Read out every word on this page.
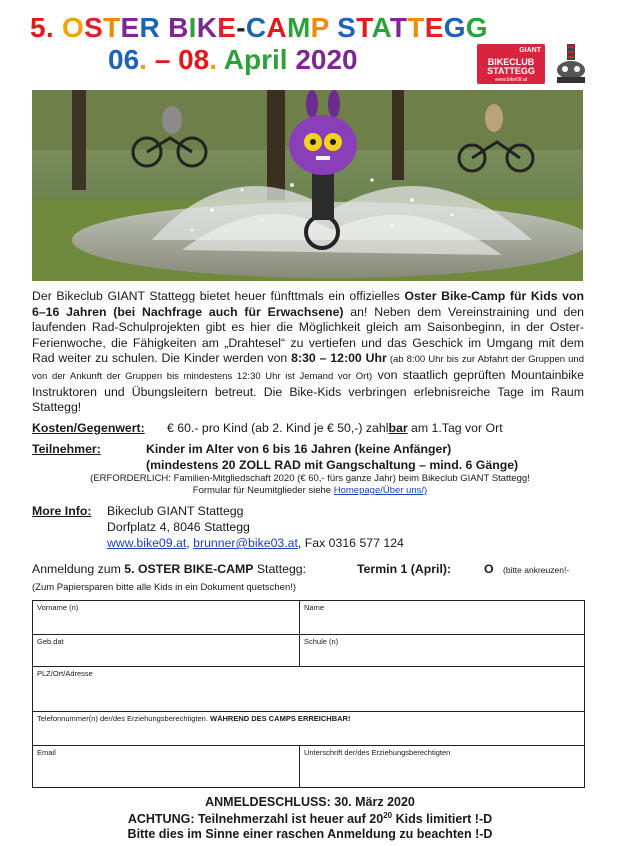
5. OSTER BIKE-CAMP STATTEGG
06. – 08. April 2020	GIANT
BIKECLUB
STATTEGG
www.bike09.at
Der Bikeclub GIANT Stattegg bietet heuer fünfttmals ein offizielles Oster Bike-Camp für Kids von 6–16 Jahren (bei Nachfrage auch für Erwachsene) an! Neben dem Vereinstraining und den laufenden Rad-Schulprojekten gibt es hier die Möglichkeit gleich am Saisonbeginn, in der Oster-Ferienwoche, die Fähigkeiten am „Drahtesel“ zu vertiefen und das Geschick im Umgang mit dem Rad weiter zu schulen. Die Kinder werden von 8:30 – 12:00 Uhr (ab 8:00 Uhr bis zur Abfahrt der Gruppen und von der Ankunft der Gruppen bis mindestens 12:30 Uhr ist Jemand vor Ort) von staatlich geprüften Mountainbike Instruktoren und Übungsleitern betreut. Die Bike-Kids verbringen erlebnisreiche Tage im Raum Stattegg!
Kosten/Gegenwert: € 60.- pro Kind (ab 2. Kind je € 50,-) zahlbar am 1.Tag vor Ort
Teilnehmer:	Kinder im Alter von 6 bis 16 Jahren (keine Anfänger)
(mindestens 20 ZOLL RAD mit Gangschaltung – mind. 6 Gänge)
(ERFORDERLICH: Familien-Mitgliedschaft 2020 (€ 60,- fürs ganze Jahr) beim Bikeclub GIANT Stattegg!
Formular für Neumitglieder siehe Homepage/Über uns/)
More Info: Bikeclub GIANT Stattegg
Dorfplatz 4, 8046 Stattegg
www.bike09.at, brunner@bike03.at, Fax 0316 577 124
Anmeldung zum 5. OSTER BIKE-CAMP Stattegg:	Termin 1 (April):	O (bitte ankreuzen!-
(Zum Papiersparen bitte alle Kids in ein Dokument quetschen!)
Vorname (n)	Name
Geb.dat	Schule (n)
PLZ/Ort/Adresse
Telefonnummer(n) der/des Erziehungsberechtigten. WÄHREND DES CAMPS ERREICHBAR!
Email	Unterschrift der/des Erziehungsberechtigten
ANMELDESCHLUSS: 30. März 2020
ACHTUNG: Teilnehmerzahl ist heuer auf $20^{20}$ Kids limitiert !-D
Bitte dies im Sinne einer raschen Anmeldung zu beachten !-D
